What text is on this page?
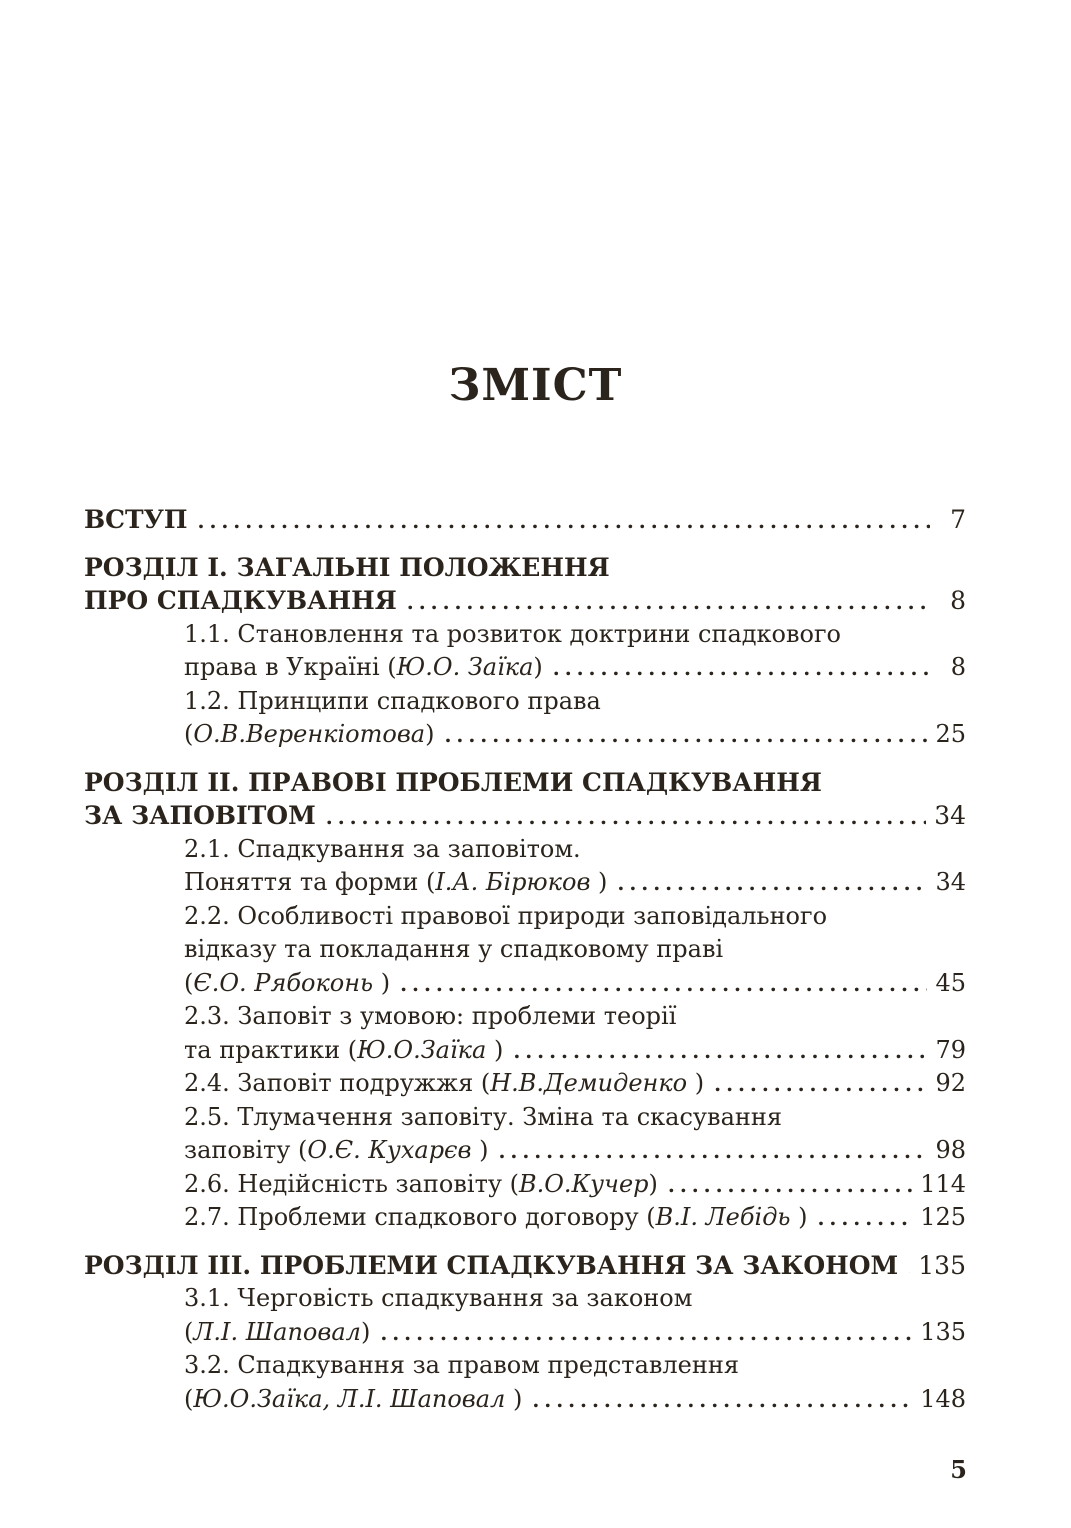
ЗМІСТ
ВСТУП . . .	7
РОЗДІЛ І. ЗАГАЛЬНІ ПОЛОЖЕННЯ
ПРО СПАДКУВАННЯ . . .	8
1.1. Становлення та розвиток доктрини спадкового
права в Україні (Ю.О. Заїка) . . .	8
1.2. Принципи спадкового права
(О.В.Веренкіотова) . . .	25
РОЗДІЛ ІІ. ПРАВОВІ ПРОБЛЕМИ СПАДКУВАННЯ
ЗА ЗАПОВІТОМ . . .	34
2.1. Спадкування за заповітом.
Поняття та форми (І.А. Бірюков ) . . .	34
2.2. Особливості правової природи заповідального
відказу та покладання у спадковому праві
(Є.О. Рябоконь ) . . .	45
2.3. Заповіт з умовою: проблеми теорії
та практики (Ю.О.Заїка ) . . .	79
2.4. Заповіт подружжя (Н.В.Демиденко ) . . .	92
2.5. Тлумачення заповіту. Зміна та скасування
заповіту (О.Є. Кухарєв ) . . .	98
2.6. Недійсність заповіту (В.О.Кучер) . . .	114
2.7. Проблеми спадкового договору (В.І. Лебідь ) . . .	125
РОЗДІЛ ІІІ. ПРОБЛЕМИ СПАДКУВАННЯ ЗА ЗАКОНОМ . . . 135
3.1. Черговість спадкування за законом
(Л.І. Шаповал) . . .	135
3.2. Спадкування за правом представлення
(Ю.О.Заїка, Л.І. Шаповал ) . . .	148
5
